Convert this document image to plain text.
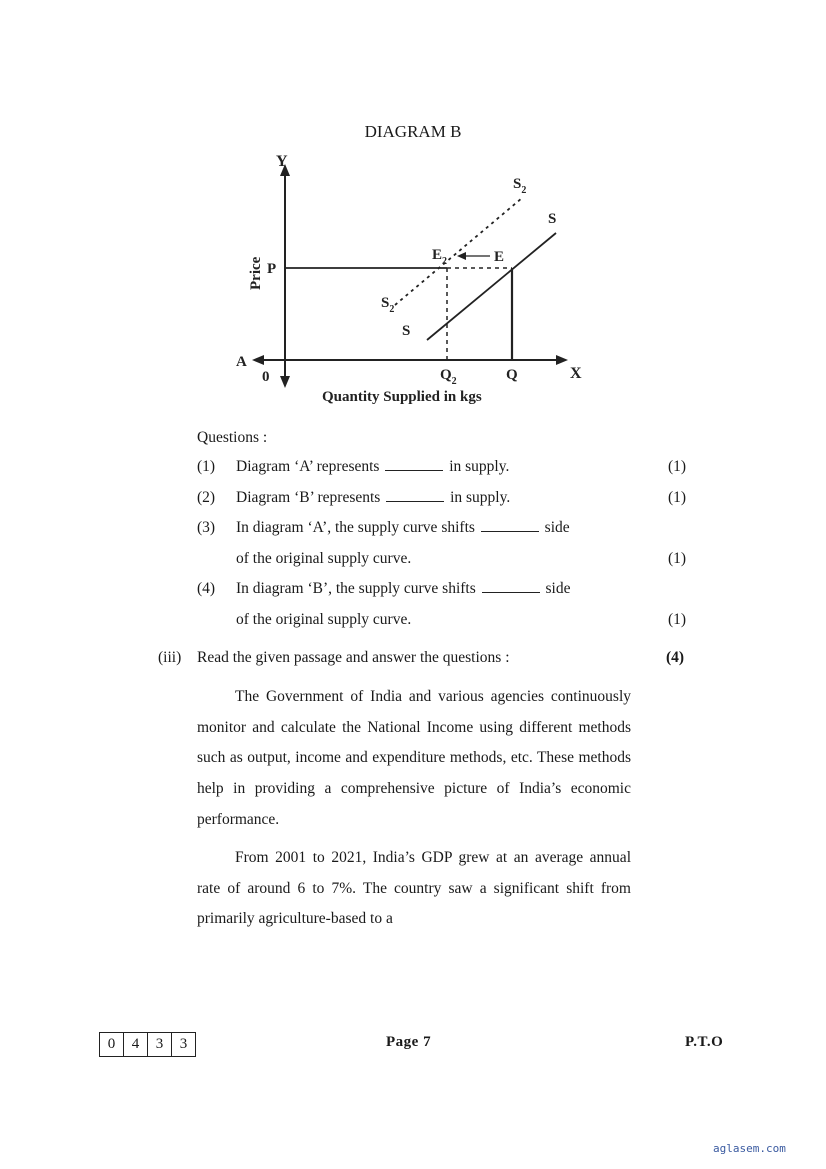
DIAGRAM B
Y
X
0
A
Price P
Quantity Supplied in kgs
S
S
$S_2$
$S_2$
$E_2$	E
$Q_2$	Q
Questions :
(1) Diagram ‘A’ represents	in supply.	(1)
(2) Diagram ‘B’ represents	in supply.	(1)
(3) In diagram ‘A’, the supply curve shifts	side
of the original supply curve.	(1)
(4) In diagram ‘B’, the supply curve shifts	side
of the original supply curve.	(1)
(iii) Read the given passage and answer the questions :	(4)

The Government of India and various agencies continuously monitor and calculate the National Income using different methods such as output, income and expenditure methods, etc. These methods help in providing a comprehensive picture of India’s economic performance.

From 2001 to 2021, India’s GDP grew at an average annual rate of around 6 to 7%. The country saw a significant shift from primarily agriculture-based to a

0	4	3	3	Page 7	P.T.O
aglasem.com
